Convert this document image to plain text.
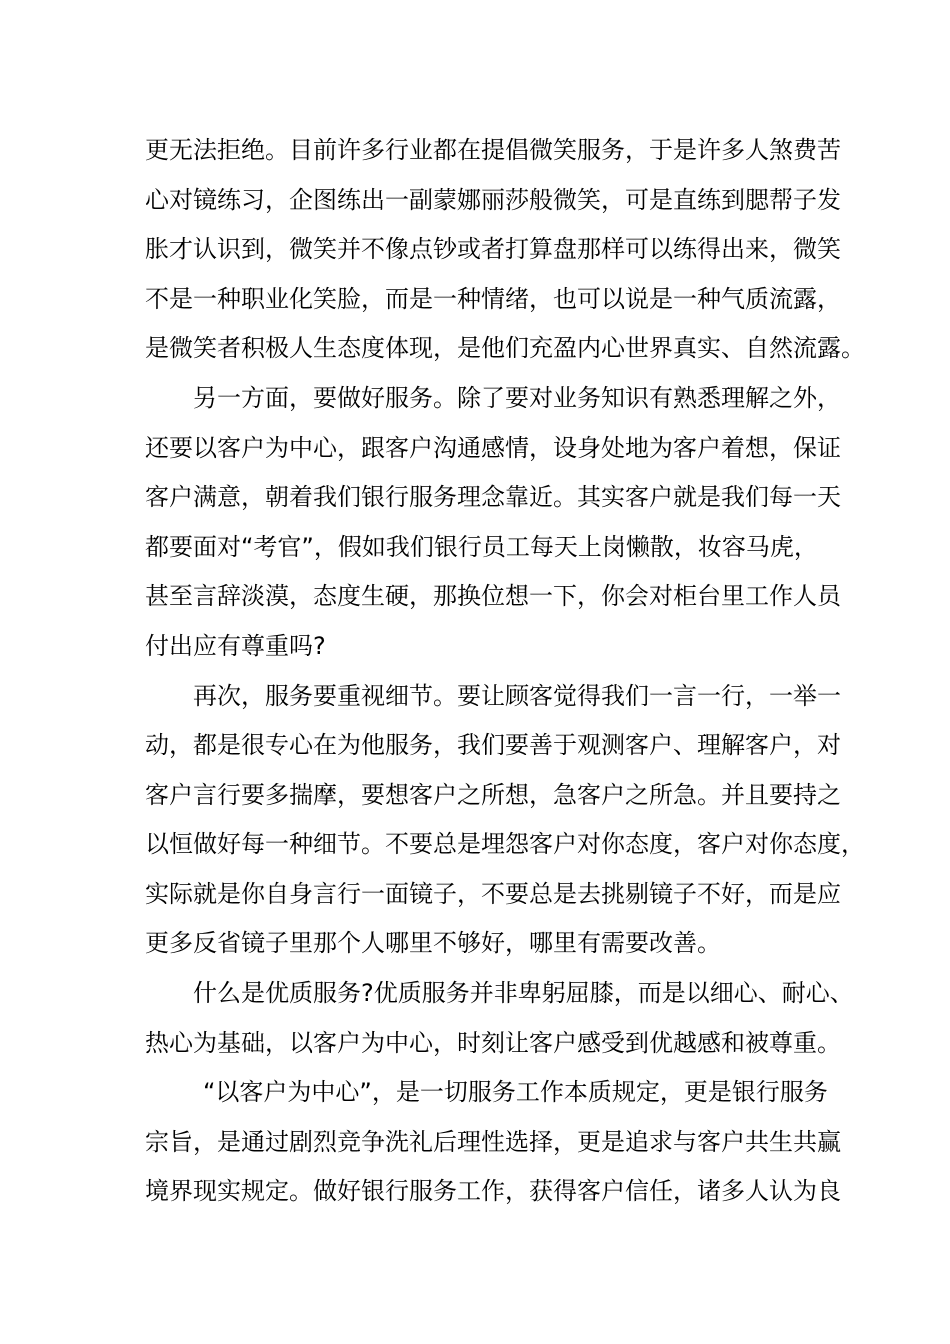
更无法拒绝。目前许多行业都在提倡微笑服务，于是许多人煞费苦
心对镜练习，企图练出一副蒙娜丽莎般微笑，可是直练到腮帮子发
胀才认识到，微笑并不像点钞或者打算盘那样可以练得出来，微笑
不是一种职业化笑脸，而是一种情绪，也可以说是一种气质流露，
是微笑者积极人生态度体现，是他们充盈内心世界真实、自然流露。
另一方面，要做好服务。除了要对业务知识有熟悉理解之外，
还要以客户为中心，跟客户沟通感情，设身处地为客户着想，保证
客户满意，朝着我们银行服务理念靠近。其实客户就是我们每一天
都要面对“考官”，假如我们银行员工每天上岗懒散，妆容马虎，
甚至言辞淡漠，态度生硬，那换位想一下，你会对柜台里工作人员
付出应有尊重吗?
再次，服务要重视细节。要让顾客觉得我们一言一行，一举一
动，都是很专心在为他服务，我们要善于观测客户、理解客户，对
客户言行要多揣摩，要想客户之所想，急客户之所急。并且要持之
以恒做好每一种细节。不要总是埋怨客户对你态度，客户对你态度，
实际就是你自身言行一面镜子，不要总是去挑剔镜子不好，而是应
更多反省镜子里那个人哪里不够好，哪里有需要改善。
什么是优质服务?优质服务并非卑躬屈膝，而是以细心、耐心、
热心为基础，以客户为中心，时刻让客户感受到优越感和被尊重。
“以客户为中心”，是一切服务工作本质规定，更是银行服务
宗旨，是通过剧烈竞争洗礼后理性选择，更是追求与客户共生共赢
境界现实规定。做好银行服务工作，获得客户信任，诸多人认为良
